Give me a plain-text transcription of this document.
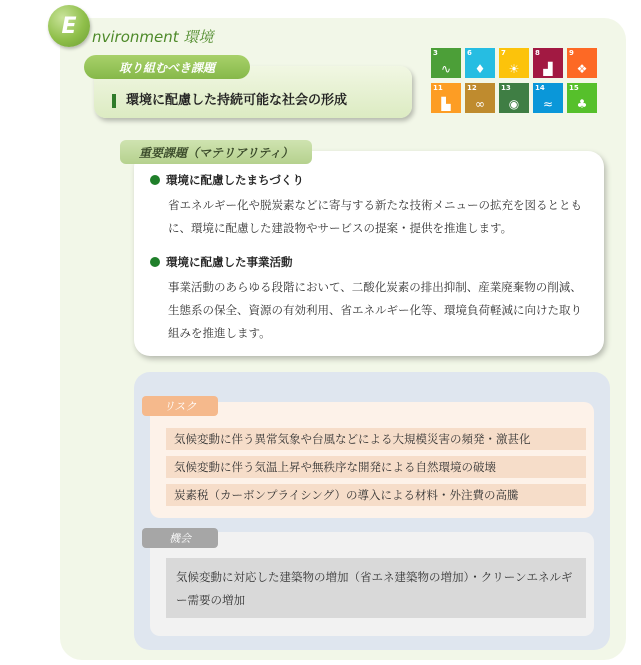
E nvironment 環境
取り組むべき課題
環境に配慮した持続可能な社会の形成
3
∿
6
♦
7
☀
8
▟
9
❖
11
▙
12
∞
13
◉
14
≈
15
♣
重要課題（マテリアリティ）
環境に配慮したまちづくり
省エネルギー化や脱炭素などに寄与する新たな技術メニューの拡充を図るとともに、環境に配慮した建設物やサービスの提案・提供を推進します。
環境に配慮した事業活動
事業活動のあらゆる段階において、二酸化炭素の排出抑制、産業廃棄物の削減、生態系の保全、資源の有効利用、省エネルギー化等、環境負荷軽減に向けた取り組みを推進します。
リスク
気候変動に伴う異常気象や台風などによる大規模災害の頻発・激甚化
気候変動に伴う気温上昇や無秩序な開発による自然環境の破壊
炭素税（カーボンプライシング）の導入による材料・外注費の高騰
機会
気候変動に対応した建築物の増加（省エネ建築物の増加）・クリーンエネルギー需要の増加
